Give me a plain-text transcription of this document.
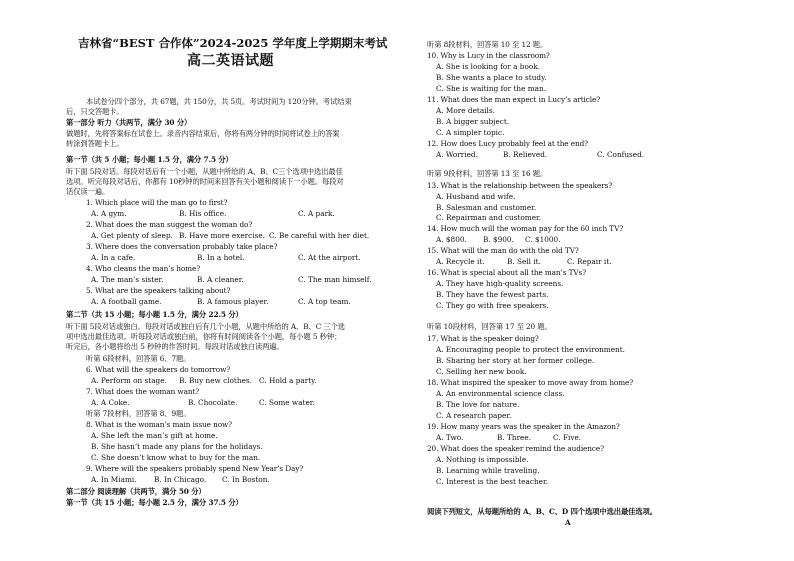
吉林省“BEST 合作体”2024-2025 学年度上学期期末考试
高二英语试题
本试卷分四个部分，共 67题，共 150分，共 5页。考试时间为 120分钟。考试结束
后，只交答题卡。
第一部分 听力（共两节，满分 30 分）
做题时，先将答案标在试卷上。录音内容结束后，你将有两分钟的时间将试卷上的答案
转涂到答题卡上。
第一节（共 5 小题；每小题 1.5 分，满分 7.5 分）
听下面 5段对话。每段对话后有一个小题，从题中所给的 A、B、C三个选项中选出最佳
选项。听完每段对话后，你都有 10秒钟的时间来回答有关小题和阅读下一小题。每段对
话仅读一遍。
1. Which place will the man go to first?
A. A gym.	B. His office.	C. A park.
2. What does the man suggest the woman do?
A. Get plenty of sleep. B. Have more exercise. C. Be careful with her diet.
3. Where does the conversation probably take place?
A. In a cafe.	B. In a hotel.	C. At the airport.
4. Who cleans the man’s home?
A. The man’s sister.	B. A cleaner.	C. The man himself.
5. What are the speakers talking about?
A. A football game.	B. A famous player.	C. A top team.
第二节（共 15 小题；每小题 1.5 分，满分 22.5 分）
听下面 5段对话或独白。每段对话或独白后有几个小题，从题中所给的 A、B、C 三个选
项中选出最佳选项。听每段对话或独白前，你将有时间阅读各个小题，每小题 5 秒钟；
听完后，各小题将给出 5 秒钟的作答时间。每段对话或独白读两遍。
听第 6段材料，回答第 6、7题。
6. What will the speakers do tomorrow?
A. Perform on stage. B. Buy new clothes. C. Hold a party.
7. What does the woman want?
A. A Coke.	B. Chocolate.	C. Some water.
听第 7段材料，回答第 8、9题。
8. What is the woman’s main issue now?
A. She left the man’s gift at home.
B. She hasn’t made any plans for the holidays.
C. She doesn’t know what to buy for the man.
9. Where will the speakers probably spend New Year’s Day?
A. In Miami. B. In Chicago. C. In Boston.
第二部分 阅读理解（共两节，满分 50 分）
第一节（共 15 小题；每小题 2.5 分，满分 37.5 分）
听第 8段材料，回答第 10 至 12 题。
10. Why is Lucy in the classroom?
A. She is looking for a book.
B. She wants a place to study.
C. She is waiting for the man.
11. What does the man expect in Lucy’s article?
A. More details.
B. A bigger subject.
C. A simpler topic.
12. How does Lucy probably feel at the end?
A. Worried.	B. Relieved.	C. Confused.
听第 9段材料，回答第 13 至 16 题。
13. What is the relationship between the speakers?
A. Husband and wife.
B. Salesman and customer.
C. Repairman and customer.
14. How much will the woman pay for the 60 inch TV?
A. $800. B. $900. C. $1000.
15. What will the man do with the old TV?
A. Recycle it.	B. Sell it.	C. Repair it.
16. What is special about all the man’s TVs?
A. They have high-quality screens.
B. They have the fewest parts.
C. They go with free speakers.
听第 10段材料，回答第 17 至 20 题。
17. What is the speaker doing?
A. Encouraging people to protect the environment.
B. Sharing her story at her former college.
C. Selling her new book.
18. What inspired the speaker to move away from home?
A. An environmental science class.
B. The love for nature.
C. A research paper.
19. How many years was the speaker in the Amazon?
A. Two.	B. Three.	C. Five.
20. What does the speaker remind the audience?
A. Nothing is impossible.
B. Learning while traveling.
C. Interest is the best teacher.
阅读下列短文，从每题所给的 A、B、C、D 四个选项中选出最佳选项。
A
